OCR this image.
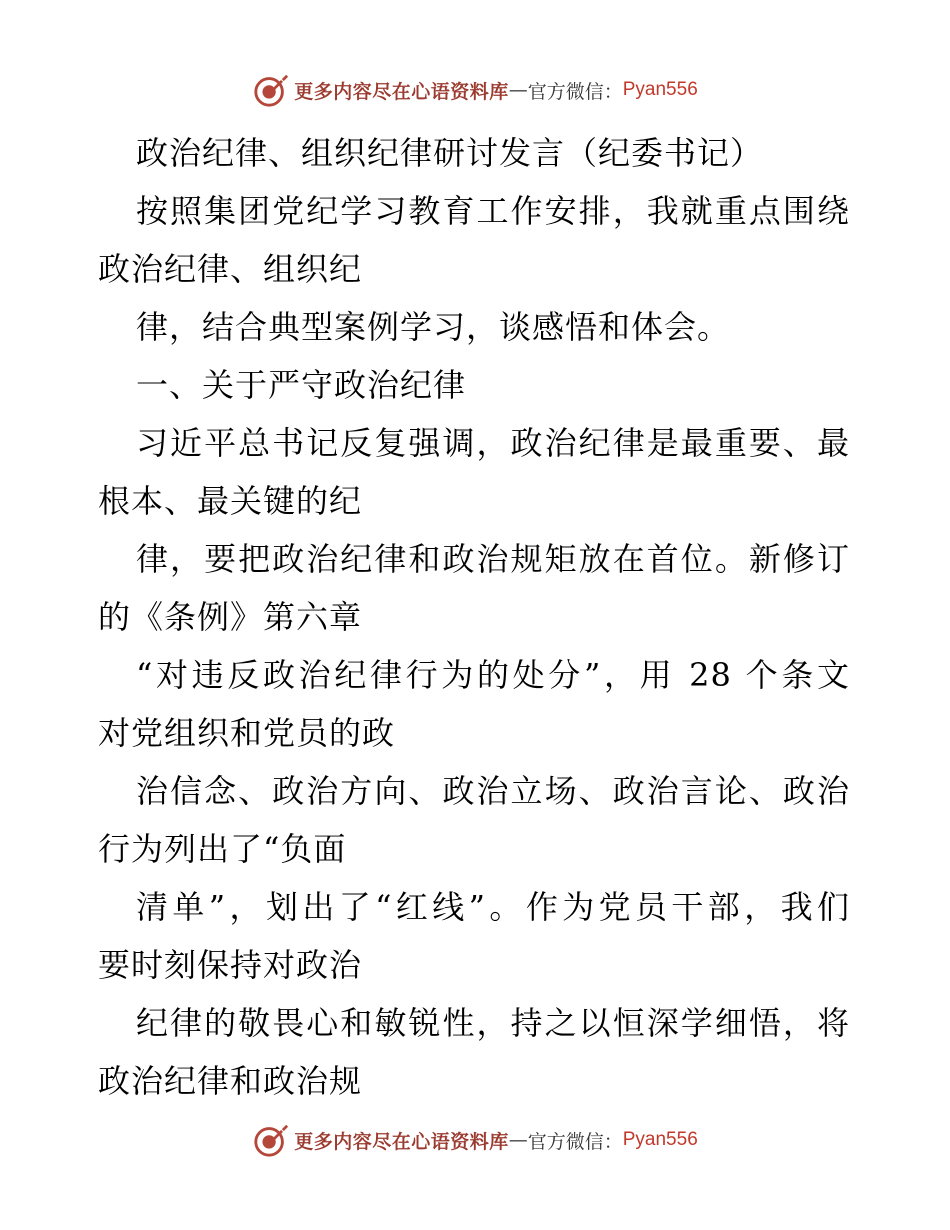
更多内容尽在心语资料库 — 官方微信： Pyan556
政治纪律、组织纪律研讨发言（纪委书记）
按照集团党纪学习教育工作安排，我就重点围绕
政治纪律、组织纪
律，结合典型案例学习，谈感悟和体会。
一、关于严守政治纪律
习近平总书记反复强调，政治纪律是最重要、最
根本、最关键的纪
律，要把政治纪律和政治规矩放在首位。新修订
的《条例》第六章
“对违反政治纪律行为的处分”，用 28 个条文
对党组织和党员的政
治信念、政治方向、政治立场、政治言论、政治
行为列出了“负面
清单”，划出了“红线”。作为党员干部，我们
要时刻保持对政治
纪律的敬畏心和敏锐性，持之以恒深学细悟，将
政治纪律和政治规
更多内容尽在心语资料库 — 官方微信： Pyan556
